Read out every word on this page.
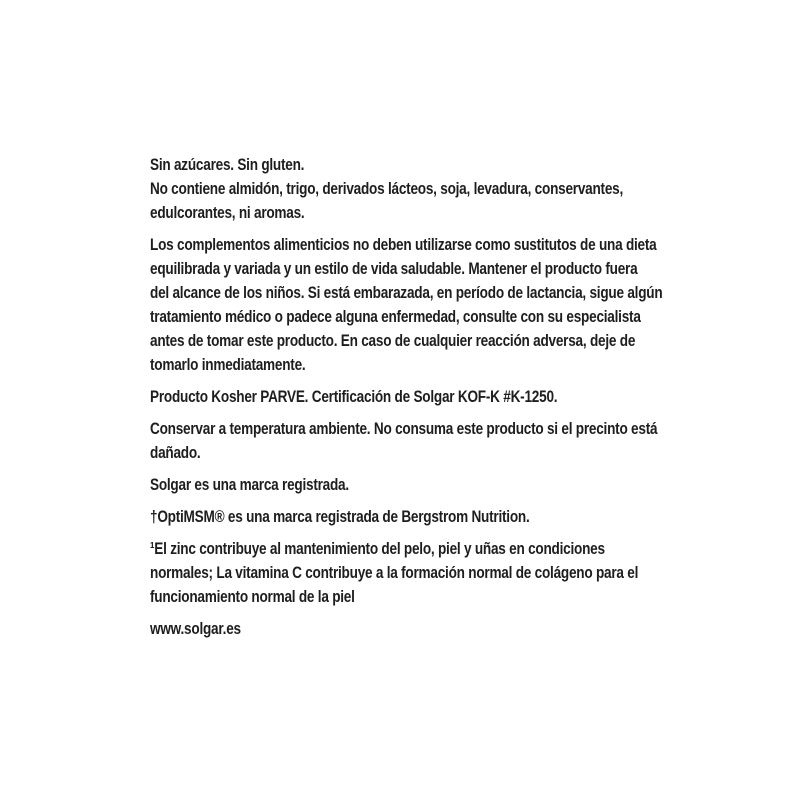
Sin azúcares. Sin gluten.
No contiene almidón, trigo, derivados lácteos, soja, levadura, conservantes,
edulcorantes, ni aromas.
Los complementos alimenticios no deben utilizarse como sustitutos de una dieta
equilibrada y variada y un estilo de vida saludable. Mantener el producto fuera
del alcance de los niños. Si está embarazada, en período de lactancia, sigue algún
tratamiento médico o padece alguna enfermedad, consulte con su especialista
antes de tomar este producto. En caso de cualquier reacción adversa, deje de
tomarlo inmediatamente.
Producto Kosher PARVE. Certificación de Solgar KOF-K #K-1250.
Conservar a temperatura ambiente. No consuma este producto si el precinto está
dañado.
Solgar es una marca registrada.
†OptiMSM® es una marca registrada de Bergstrom Nutrition.
¹El zinc contribuye al mantenimiento del pelo, piel y uñas en condiciones
normales; La vitamina C contribuye a la formación normal de colágeno para el
funcionamiento normal de la piel
www.solgar.es
